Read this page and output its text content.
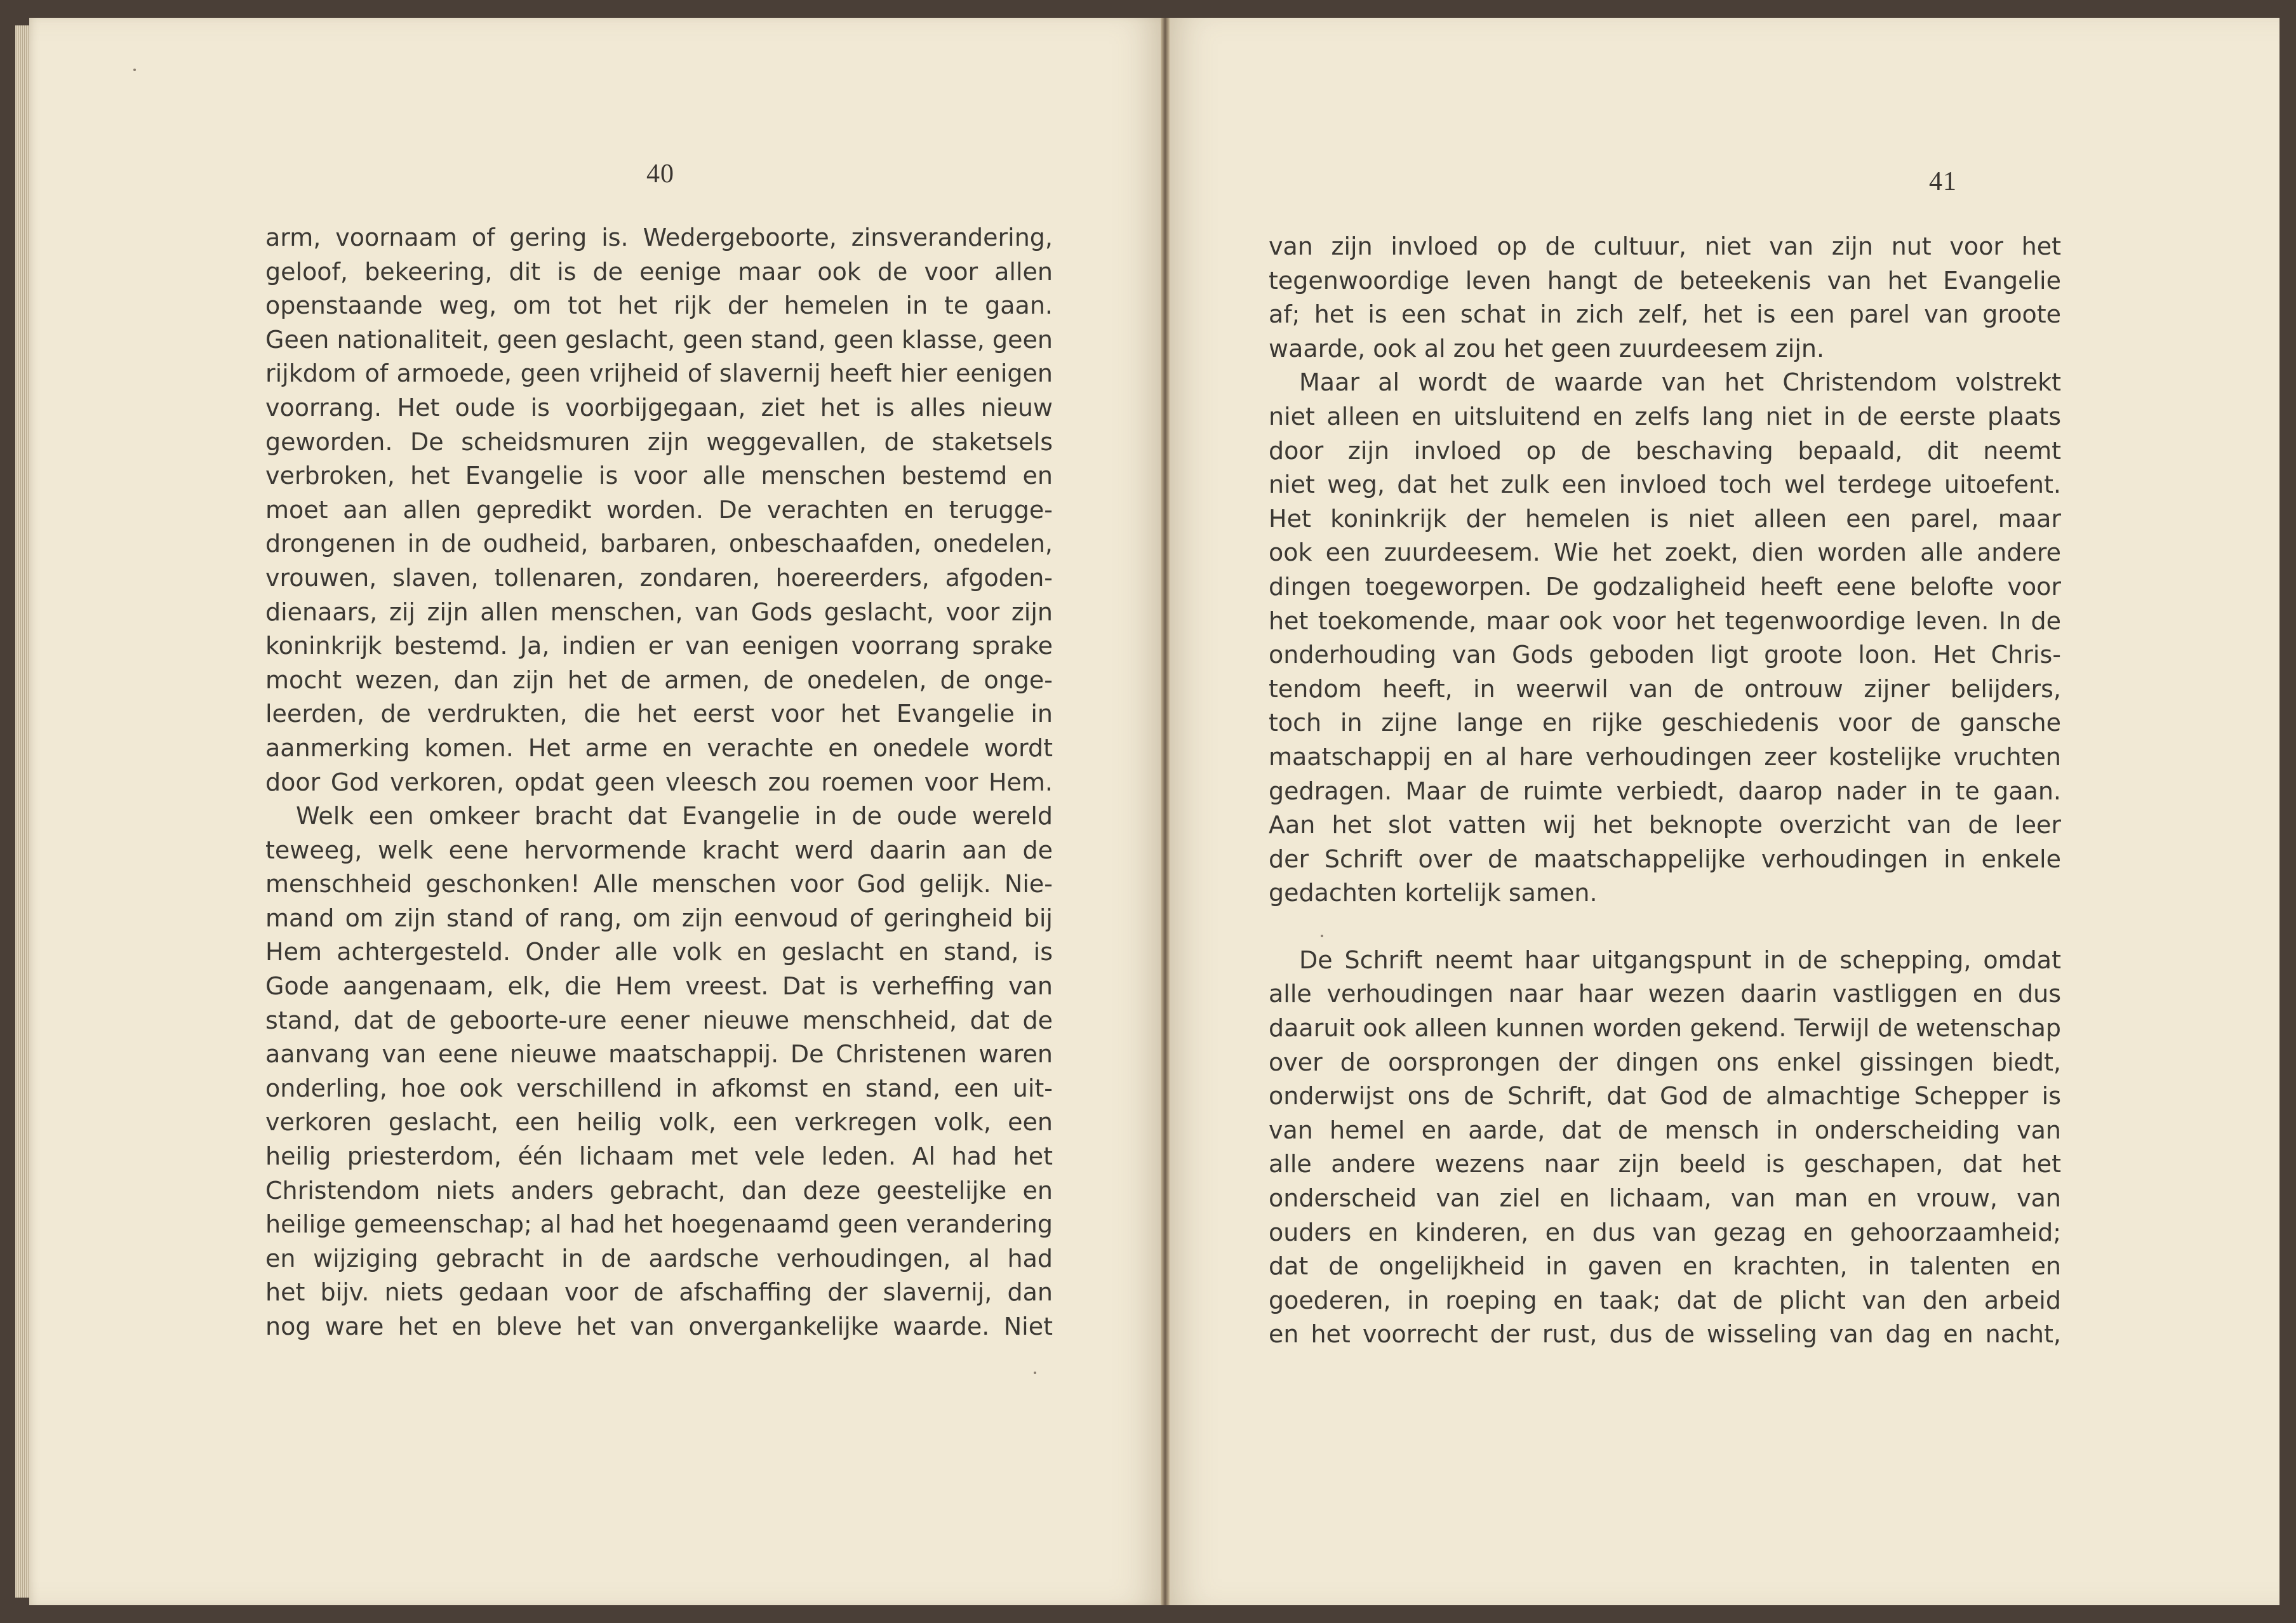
40	41
arm, voornaam of gering is. Wedergeboorte, zinsverandering,
geloof, bekeering, dit is de eenige maar ook de voor allen
openstaande weg, om tot het rijk der hemelen in te gaan.
Geen nationaliteit, geen geslacht, geen stand, geen klasse, geen
rijkdom of armoede, geen vrijheid of slavernij heeft hier eenigen
voorrang. Het oude is voorbijgegaan, ziet het is alles nieuw
geworden. De scheidsmuren zijn weggevallen, de staketsels
verbroken, het Evangelie is voor alle menschen bestemd en
moet aan allen gepredikt worden. De verachten en terugge-
drongenen in de oudheid, barbaren, onbeschaafden, onedelen,
vrouwen, slaven, tollenaren, zondaren, hoereerders, afgoden-
dienaars, zij zijn allen menschen, van Gods geslacht, voor zijn
koninkrijk bestemd. Ja, indien er van eenigen voorrang sprake
mocht wezen, dan zijn het de armen, de onedelen, de onge-
leerden, de verdrukten, die het eerst voor het Evangelie in
aanmerking komen. Het arme en verachte en onedele wordt
door God verkoren, opdat geen vleesch zou roemen voor Hem.
Welk een omkeer bracht dat Evangelie in de oude wereld
teweeg, welk eene hervormende kracht werd daarin aan de
menschheid geschonken! Alle menschen voor God gelijk. Nie-
mand om zijn stand of rang, om zijn eenvoud of geringheid bij
Hem achtergesteld. Onder alle volk en geslacht en stand, is
Gode aangenaam, elk, die Hem vreest. Dat is verheffing van
stand, dat de geboorte-ure eener nieuwe menschheid, dat de
aanvang van eene nieuwe maatschappij. De Christenen waren
onderling, hoe ook verschillend in afkomst en stand, een uit-
verkoren geslacht, een heilig volk, een verkregen volk, een
heilig priesterdom, één lichaam met vele leden. Al had het
Christendom niets anders gebracht, dan deze geestelijke en
heilige gemeenschap; al had het hoegenaamd geen verandering
en wijziging gebracht in de aardsche verhoudingen, al had
het bijv. niets gedaan voor de afschaffing der slavernij, dan
nog ware het en bleve het van onvergankelijke waarde. Niet
van zijn invloed op de cultuur, niet van zijn nut voor het
tegenwoordige leven hangt de beteekenis van het Evangelie
af; het is een schat in zich zelf, het is een parel van groote
waarde, ook al zou het geen zuurdeesem zijn.
Maar al wordt de waarde van het Christendom volstrekt
niet alleen en uitsluitend en zelfs lang niet in de eerste plaats
door zijn invloed op de beschaving bepaald, dit neemt
niet weg, dat het zulk een invloed toch wel terdege uitoefent.
Het koninkrijk der hemelen is niet alleen een parel, maar
ook een zuurdeesem. Wie het zoekt, dien worden alle andere
dingen toegeworpen. De godzaligheid heeft eene belofte voor
het toekomende, maar ook voor het tegenwoordige leven. In de
onderhouding van Gods geboden ligt groote loon. Het Chris-
tendom heeft, in weerwil van de ontrouw zijner belijders,
toch in zijne lange en rijke geschiedenis voor de gansche
maatschappij en al hare verhoudingen zeer kostelijke vruchten
gedragen. Maar de ruimte verbiedt, daarop nader in te gaan.
Aan het slot vatten wij het beknopte overzicht van de leer
der Schrift over de maatschappelijke verhoudingen in enkele
gedachten kortelijk samen.
De Schrift neemt haar uitgangspunt in de schepping, omdat
alle verhoudingen naar haar wezen daarin vastliggen en dus
daaruit ook alleen kunnen worden gekend. Terwijl de wetenschap
over de oorsprongen der dingen ons enkel gissingen biedt,
onderwijst ons de Schrift, dat God de almachtige Schepper is
van hemel en aarde, dat de mensch in onderscheiding van
alle andere wezens naar zijn beeld is geschapen, dat het
onderscheid van ziel en lichaam, van man en vrouw, van
ouders en kinderen, en dus van gezag en gehoorzaamheid;
dat de ongelijkheid in gaven en krachten, in talenten en
goederen, in roeping en taak; dat de plicht van den arbeid
en het voorrecht der rust, dus de wisseling van dag en nacht,
